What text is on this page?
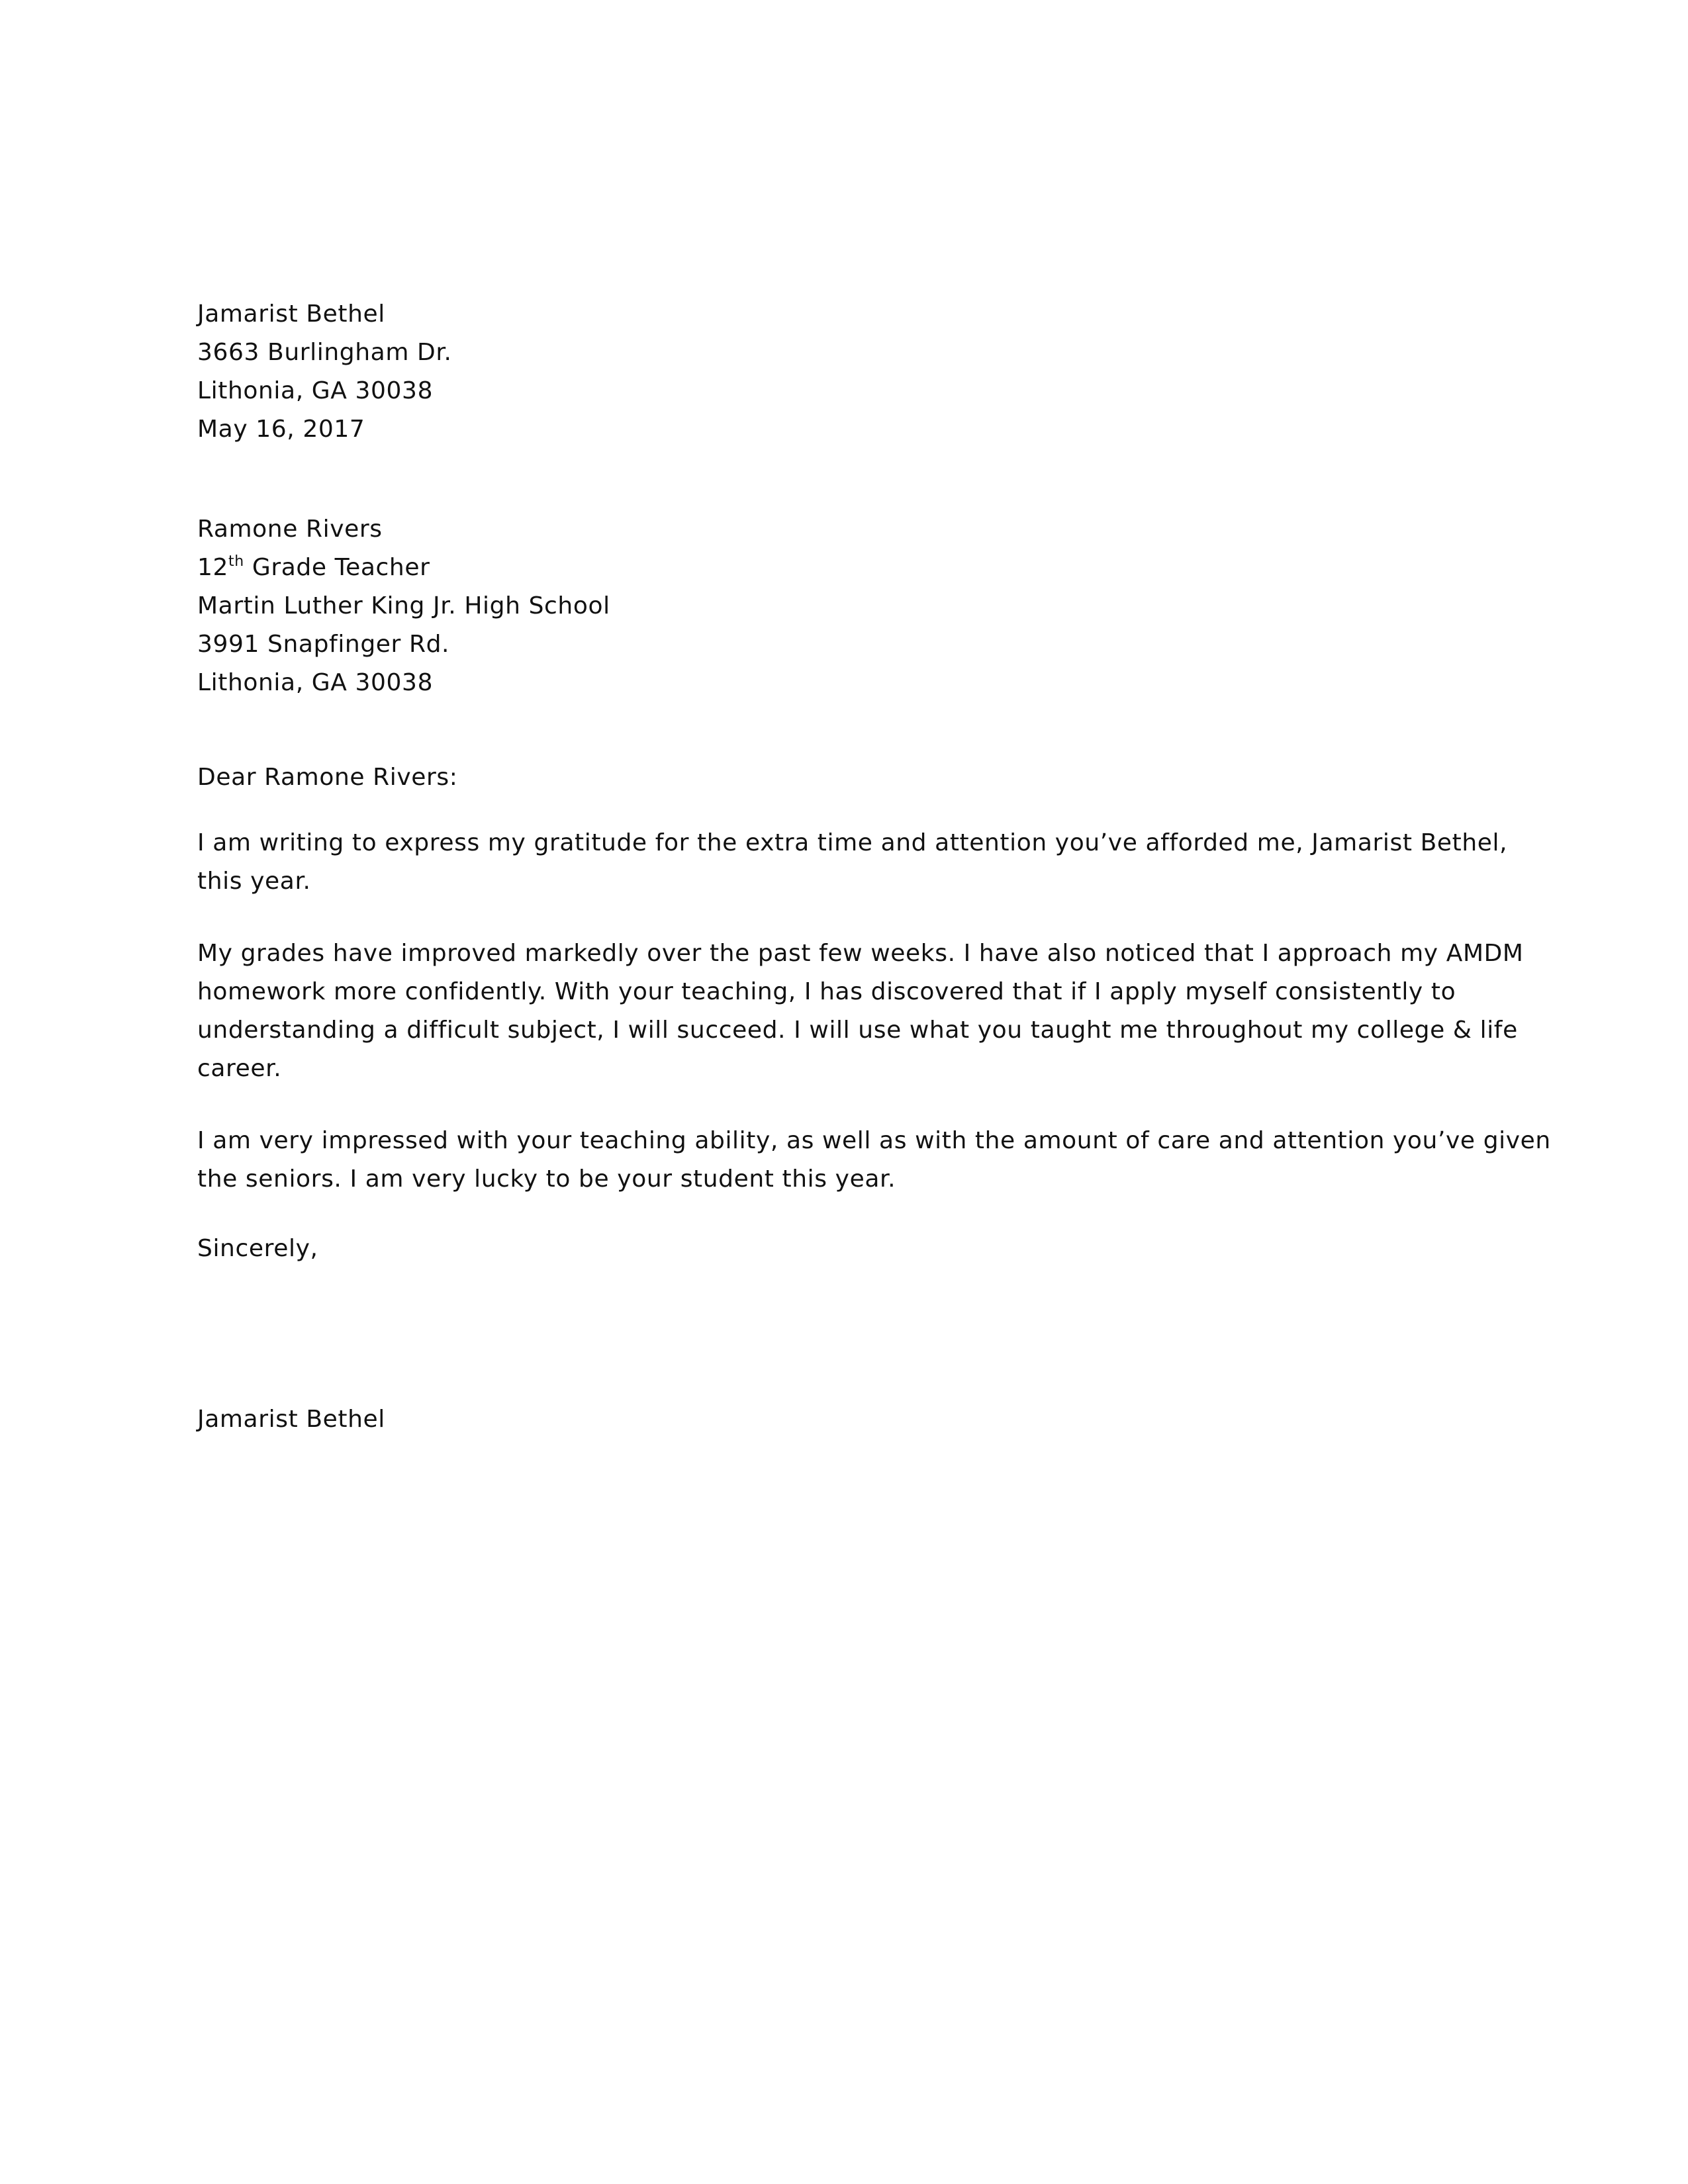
Jamarist Bethel
3663 Burlingham Dr.
Lithonia, GA 30038
May 16, 2017
Ramone Rivers
12th Grade Teacher
Martin Luther King Jr. High School
3991 Snapfinger Rd.
Lithonia, GA 30038
Dear Ramone Rivers:
I am writing to express my gratitude for the extra time and attention you’ve afforded me, Jamarist Bethel,
this year.
My grades have improved markedly over the past few weeks. I have also noticed that I approach my AMDM
homework more confidently. With your teaching, I has discovered that if I apply myself consistently to
understanding a difficult subject, I will succeed. I will use what you taught me throughout my college & life
career.
I am very impressed with your teaching ability, as well as with the amount of care and attention you’ve given
the seniors. I am very lucky to be your student this year.
Sincerely,
Jamarist Bethel
